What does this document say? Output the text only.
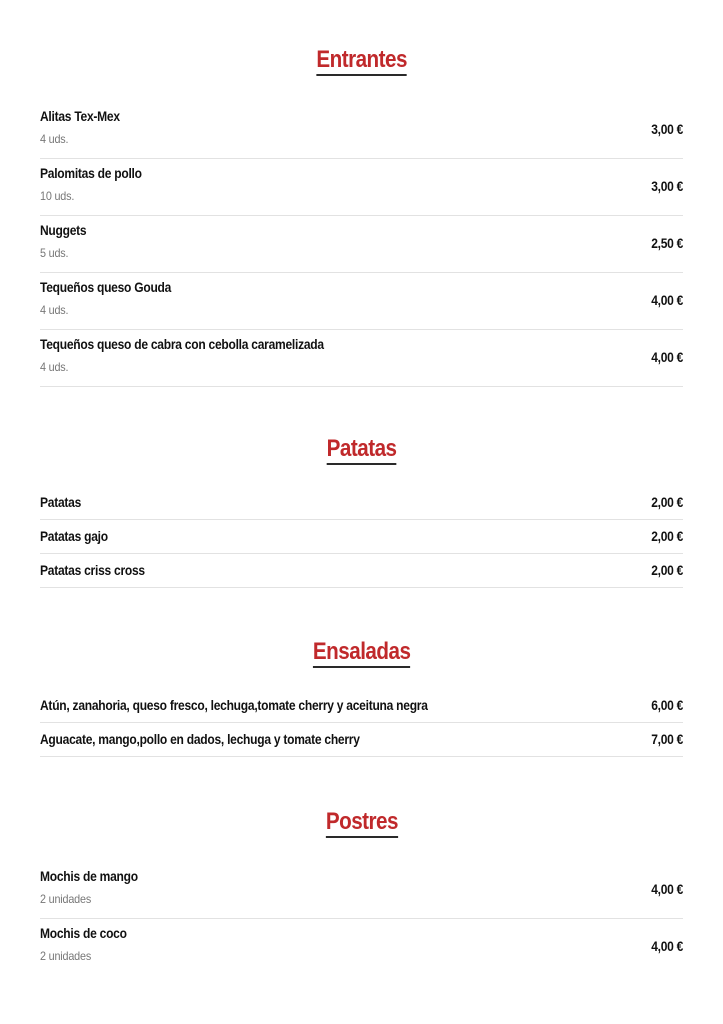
Entrantes
Alitas Tex-Mex
4 uds.
3,00 €
Palomitas de pollo
10 uds.
3,00 €
Nuggets
5 uds.
2,50 €
Tequeños queso Gouda
4 uds.
4,00 €
Tequeños queso de cabra con cebolla caramelizada
4 uds.
4,00 €
Patatas
Patatas	2,00 €
Patatas gajo	2,00 €
Patatas criss cross	2,00 €
Ensaladas
Atún, zanahoria, queso fresco, lechuga,tomate cherry y aceituna negra	6,00 €
Aguacate, mango,pollo en dados, lechuga y tomate cherry	7,00 €
Postres
Mochis de mango
2 unidades
4,00 €
Mochis de coco
2 unidades
4,00 €
